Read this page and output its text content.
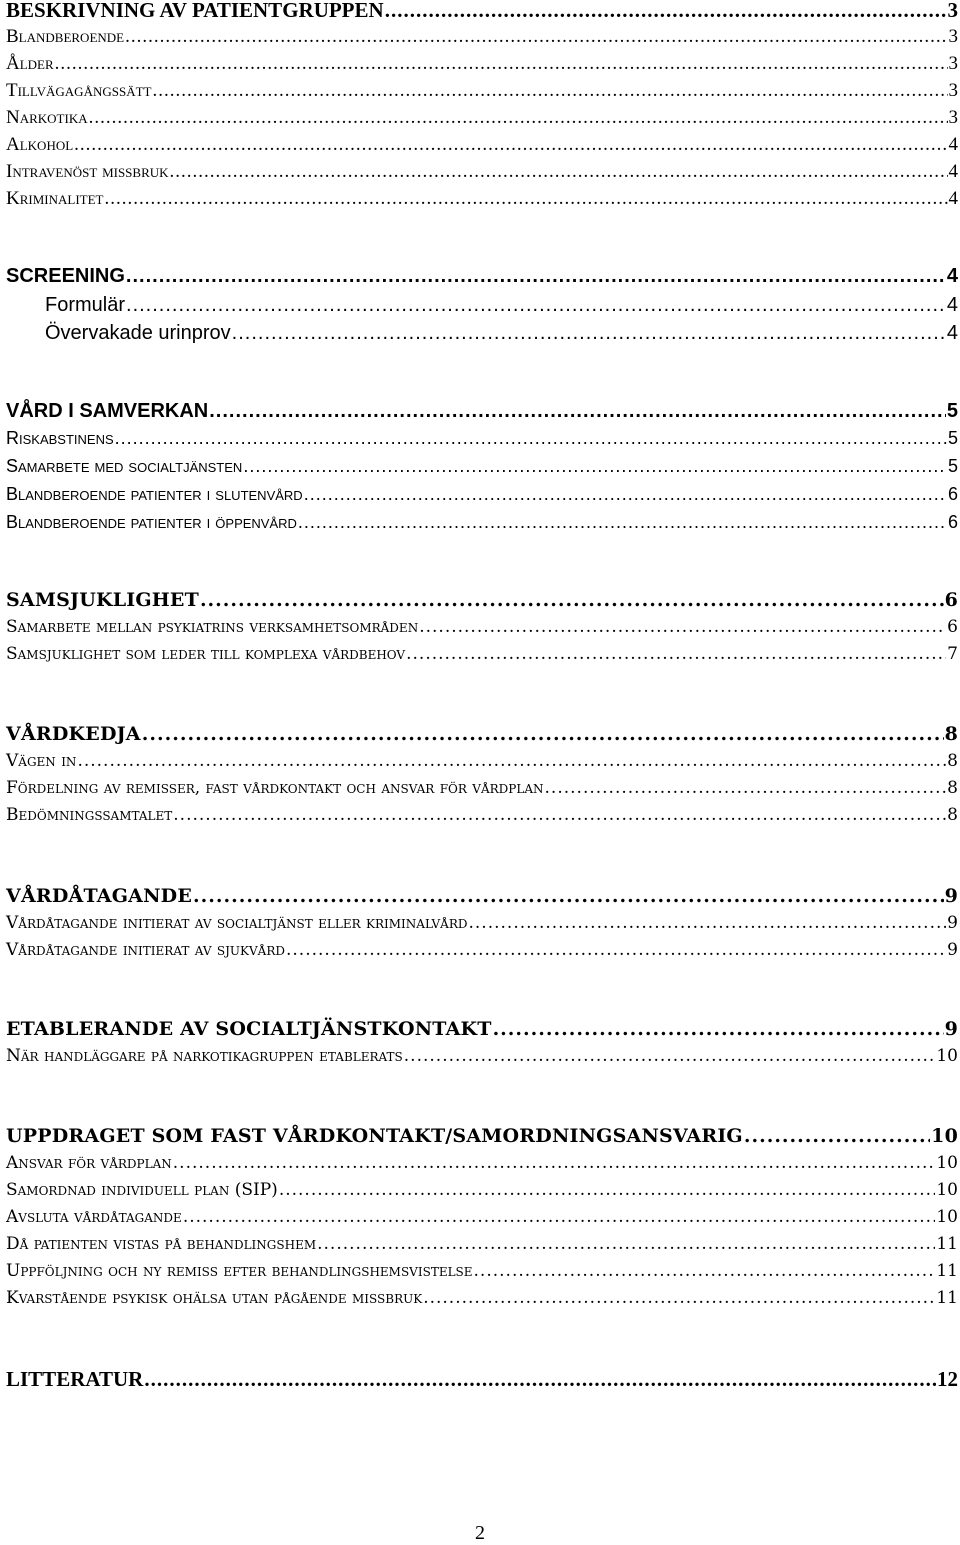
BESKRIVNING AV PATIENTGRUPPEN .....	3
Blandberoende .....	3
Ålder .....	3
Tillvägagångssätt .....	3
Narkotika .....	3
Alkohol .....	4
Intravenöst missbruk .....	4
Kriminalitet .....	4
SCREENING .....	4
Formulär .....	4
Övervakade urinprov .....	4
VÅRD I SAMVERKAN .....	5
Riskabstinens .....	5
Samarbete med socialtjänsten .....	5
Blandberoende patienter i slutenvård .....	6
Blandberoende patienter i öppenvård .....	6
SAMSJUKLIGHET .....	6
Samarbete mellan psykiatrins verksamhetsområden .....	6
Samsjuklighet som leder till komplexa vårdbehov .....	7
VÅRDKEDJA .....	8
Vägen in .....	8
Fördelning av remisser, fast vårdkontakt och ansvar för vårdplan .....	8
Bedömningssamtalet .....	8
VÅRDÅTAGANDE .....	9
Vårdåtagande initierat av socialtjänst eller kriminalvård .....	9
Vårdåtagande initierat av sjukvård .....	9
ETABLERANDE AV SOCIALTJÄNSTKONTAKT .....	9
När handläggare på narkotikagruppen etablerats .....	10
UPPDRAGET SOM FAST VÅRDKONTAKT/SAMORDNINGSANSVARIG .....	10
Ansvar för vårdplan .....	10
Samordnad individuell plan (SIP) .....	10
Avsluta vårdåtagande .....	10
Då patienten vistas på behandlingshem .....	11
Uppföljning och ny remiss efter behandlingshemsvistelse .....	11
Kvarstående psykisk ohälsa utan pågående missbruk .....	11
LITTERATUR .....	12
2
